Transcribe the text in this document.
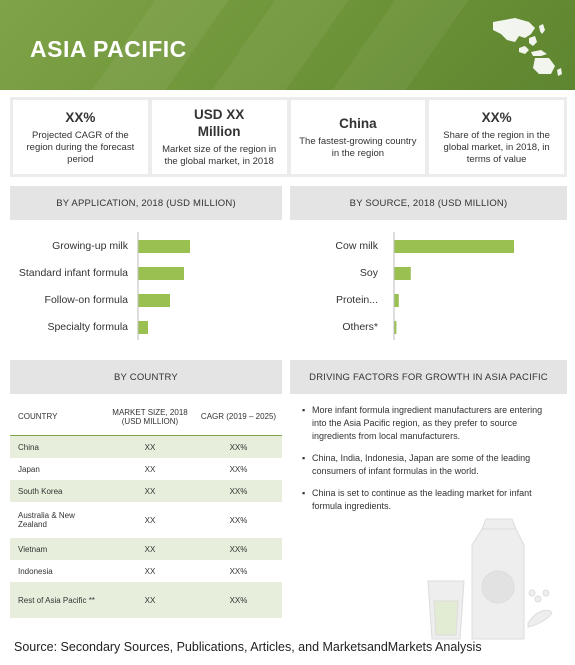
ASIA PACIFIC
XX%
Projected CAGR of the region during the forecast period
USD XX Million
Market size of the region in the global market, in 2018
China
The fastest-growing country in the region
XX%
Share of the region in the global market, in 2018, in terms of value
BY APPLICATION, 2018 (USD MILLION)	BY SOURCE, 2018 (USD MILLION)
Growing-up milk
Standard infant formula
Follow-on formula
Specialty formula
Cow milk
Soy
Protein...
Others*
BY COUNTRY	DRIVING FACTORS FOR GROWTH IN ASIA PACIFIC
COUNTRY	MARKET SIZE, 2018 (USD MILLION)	CAGR (2019 – 2025)
China	XX	XX%
Japan	XX	XX%
South Korea	XX	XX%
Australia & New Zealand	XX	XX%
Vietnam	XX	XX%
Indonesia	XX	XX%
Rest of Asia Pacific **	XX	XX%
▪ More infant formula ingredient manufacturers are entering into the Asia Pacific region, as they prefer to source ingredients from local manufacturers.
▪ China, India, Indonesia, Japan are some of the leading consumers of infant formulas in the world.
▪ China is set to continue as the leading market for infant formula ingredients.
Source: Secondary Sources, Publications, Articles, and MarketsandMarkets Analysis
